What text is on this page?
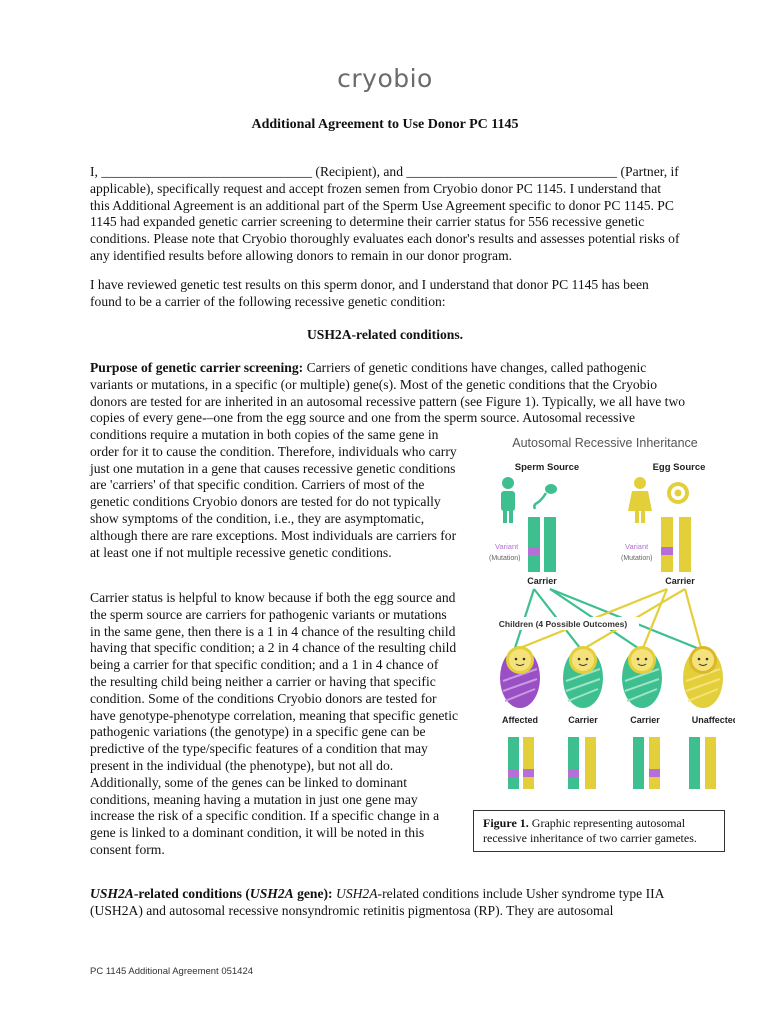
cryobio
Additional Agreement to Use Donor PC 1145

I, _______________________________ (Recipient), and _______________________________ (Partner, if applicable), specifically request and accept frozen semen from Cryobio donor PC 1145. I understand that this Additional Agreement is an additional part of the Sperm Use Agreement specific to donor PC 1145. PC 1145 had expanded genetic carrier screening to determine their carrier status for 556 recessive genetic conditions. Please note that Cryobio thoroughly evaluates each donor's results and assesses potential risks of any identified results before allowing donors to remain in our donor program.

I have reviewed genetic test results on this sperm donor, and I understand that donor PC 1145 has been found to be a carrier of the following recessive genetic condition:

USH2A-related conditions.

Purpose of genetic carrier screening: Carriers of genetic conditions have changes, called pathogenic variants or mutations, in a specific (or multiple) gene(s). Most of the genetic conditions that the Cryobio donors are tested for are inherited in an autosomal recessive pattern (see Figure 1). Typically, we all have two copies of every gene-–one from the egg source and one from the sperm source. Autosomal recessive

conditions require a mutation in both copies of the same gene in order for it to cause the condition. Therefore, individuals who carry just one mutation in a gene that causes recessive genetic conditions are 'carriers' of that specific condition. Carriers of most of the genetic conditions Cryobio donors are tested for do not typically show symptoms of the condition, i.e., they are asymptomatic, although there are rare exceptions. Most individuals are carriers for at least one if not multiple recessive genetic conditions.

Carrier status is helpful to know because if both the egg source and the sperm source are carriers for pathogenic variants or mutations in the same gene, then there is a 1 in 4 chance of the resulting child having that specific condition; a 2 in 4 chance of the resulting child being a carrier for that specific condition; and a 1 in 4 chance of the resulting child being neither a carrier or having that specific condition. Some of the conditions Cryobio donors are tested for have genotype-phenotype correlation, meaning that specific genetic pathogenic variations (the genotype) in a specific gene can be predictive of the type/specific features of a condition that may present in the individual (the phenotype), but not all do. Additionally, some of the genes can be linked to dominant conditions, meaning having a mutation in just one gene may increase the risk of a specific condition. If a specific change in a gene is linked to a dominant condition, it will be noted in this consent form.

Autosomal Recessive Inheritance
Sperm Source	Egg Source
Variant
(Mutation)
Carrier
Variant
(Mutation)
Carrier
Children (4 Possible Outcomes)
Affected	Carrier	Carrier	Unaffected
Figure 1. Graphic representing autosomal recessive inheritance of two carrier gametes.

USH2A-related conditions (USH2A gene): USH2A-related conditions include Usher syndrome type IIA (USH2A) and autosomal recessive nonsyndromic retinitis pigmentosa (RP). They are autosomal

PC 1145 Additional Agreement 051424
